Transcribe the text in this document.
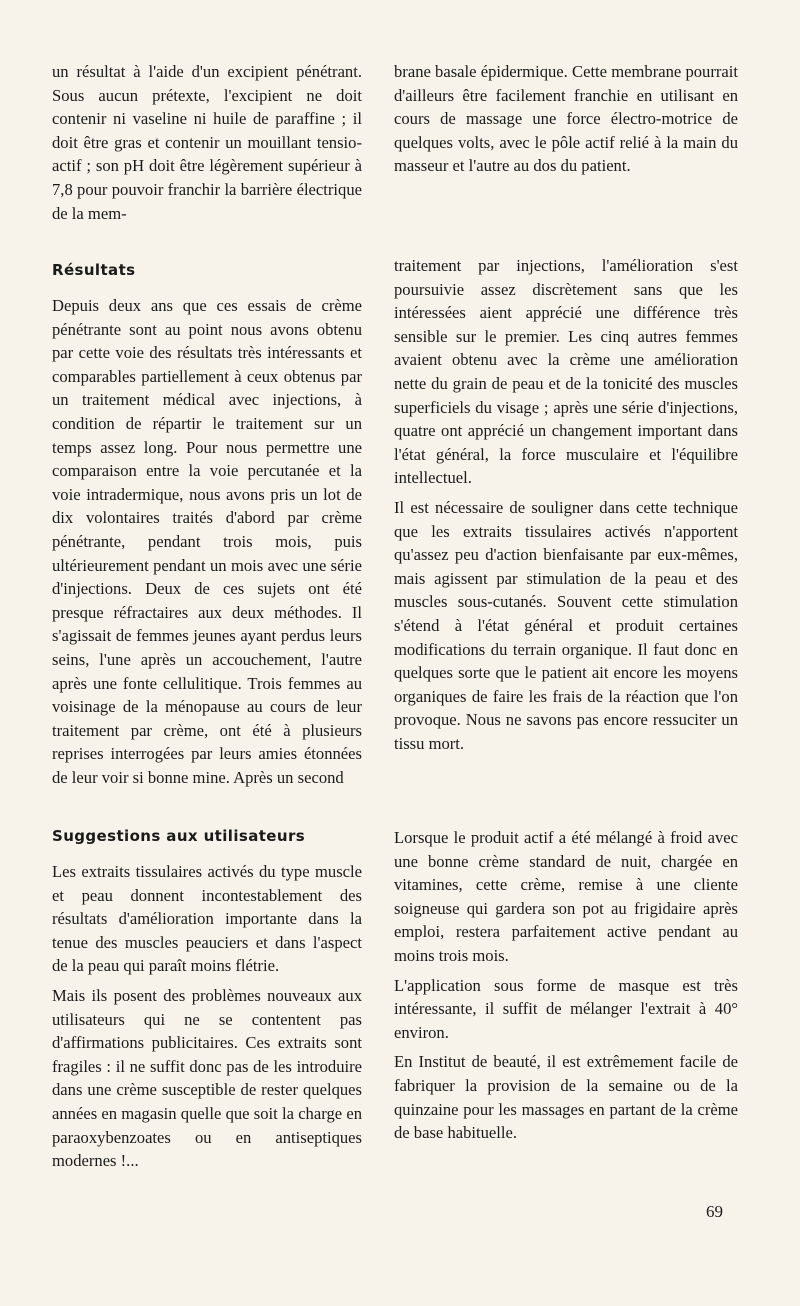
un résultat à l'aide d'un excipient pénétrant. Sous aucun prétexte, l'excipient ne doit contenir ni vaseline ni huile de paraffine ; il doit être gras et contenir un mouillant tensio-actif ; son pH doit être légèrement supérieur à 7,8 pour pouvoir franchir la barrière électrique de la mem-

Résultats

Depuis deux ans que ces essais de crème pénétrante sont au point nous avons obtenu par cette voie des résultats très intéressants et comparables partiellement à ceux obtenus par un traitement médical avec injections, à condition de répartir le traitement sur un temps assez long. Pour nous permettre une comparaison entre la voie percutanée et la voie intradermique, nous avons pris un lot de dix volontaires traités d'abord par crème pénétrante, pendant trois mois, puis ultérieurement pendant un mois avec une série d'injections. Deux de ces sujets ont été presque réfractaires aux deux méthodes. Il s'agissait de femmes jeunes ayant perdus leurs seins, l'une après un accouchement, l'autre après une fonte cellulitique. Trois femmes au voisinage de la ménopause au cours de leur traitement par crème, ont été à plusieurs reprises interrogées par leurs amies étonnées de leur voir si bonne mine. Après un second

Suggestions aux utilisateurs

Les extraits tissulaires activés du type muscle et peau donnent incontestablement des résultats d'amélioration importante dans la tenue des muscles peauciers et dans l'aspect de la peau qui paraît moins flétrie.

Mais ils posent des problèmes nouveaux aux utilisateurs qui ne se contentent pas d'affirmations publicitaires. Ces extraits sont fragiles : il ne suffit donc pas de les introduire dans une crème susceptible de rester quelques années en magasin quelle que soit la charge en paraoxybenzoates ou en antiseptiques modernes !...

brane basale épidermique. Cette membrane pourrait d'ailleurs être facilement franchie en utilisant en cours de massage une force électro-motrice de quelques volts, avec le pôle actif relié à la main du masseur et l'autre au dos du patient.

traitement par injections, l'amélioration s'est poursuivie assez discrètement sans que les intéressées aient apprécié une différence très sensible sur le premier. Les cinq autres femmes avaient obtenu avec la crème une amélioration nette du grain de peau et de la tonicité des muscles superficiels du visage ; après une série d'injections, quatre ont apprécié un changement important dans l'état général, la force musculaire et l'équilibre intellectuel.

Il est nécessaire de souligner dans cette technique que les extraits tissulaires activés n'apportent qu'assez peu d'action bienfaisante par eux-mêmes, mais agissent par stimulation de la peau et des muscles sous-cutanés. Souvent cette stimulation s'étend à l'état général et produit certaines modifications du terrain organique. Il faut donc en quelques sorte que le patient ait encore les moyens organiques de faire les frais de la réaction que l'on provoque. Nous ne savons pas encore ressuciter un tissu mort.

Lorsque le produit actif a été mélangé à froid avec une bonne crème standard de nuit, chargée en vitamines, cette crème, remise à une cliente soigneuse qui gardera son pot au frigidaire après emploi, restera parfaitement active pendant au moins trois mois.

L'application sous forme de masque est très intéressante, il suffit de mélanger l'extrait à 40° environ.

En Institut de beauté, il est extrêmement facile de fabriquer la provision de la semaine ou de la quinzaine pour les massages en partant de la crème de base habituelle.

69
